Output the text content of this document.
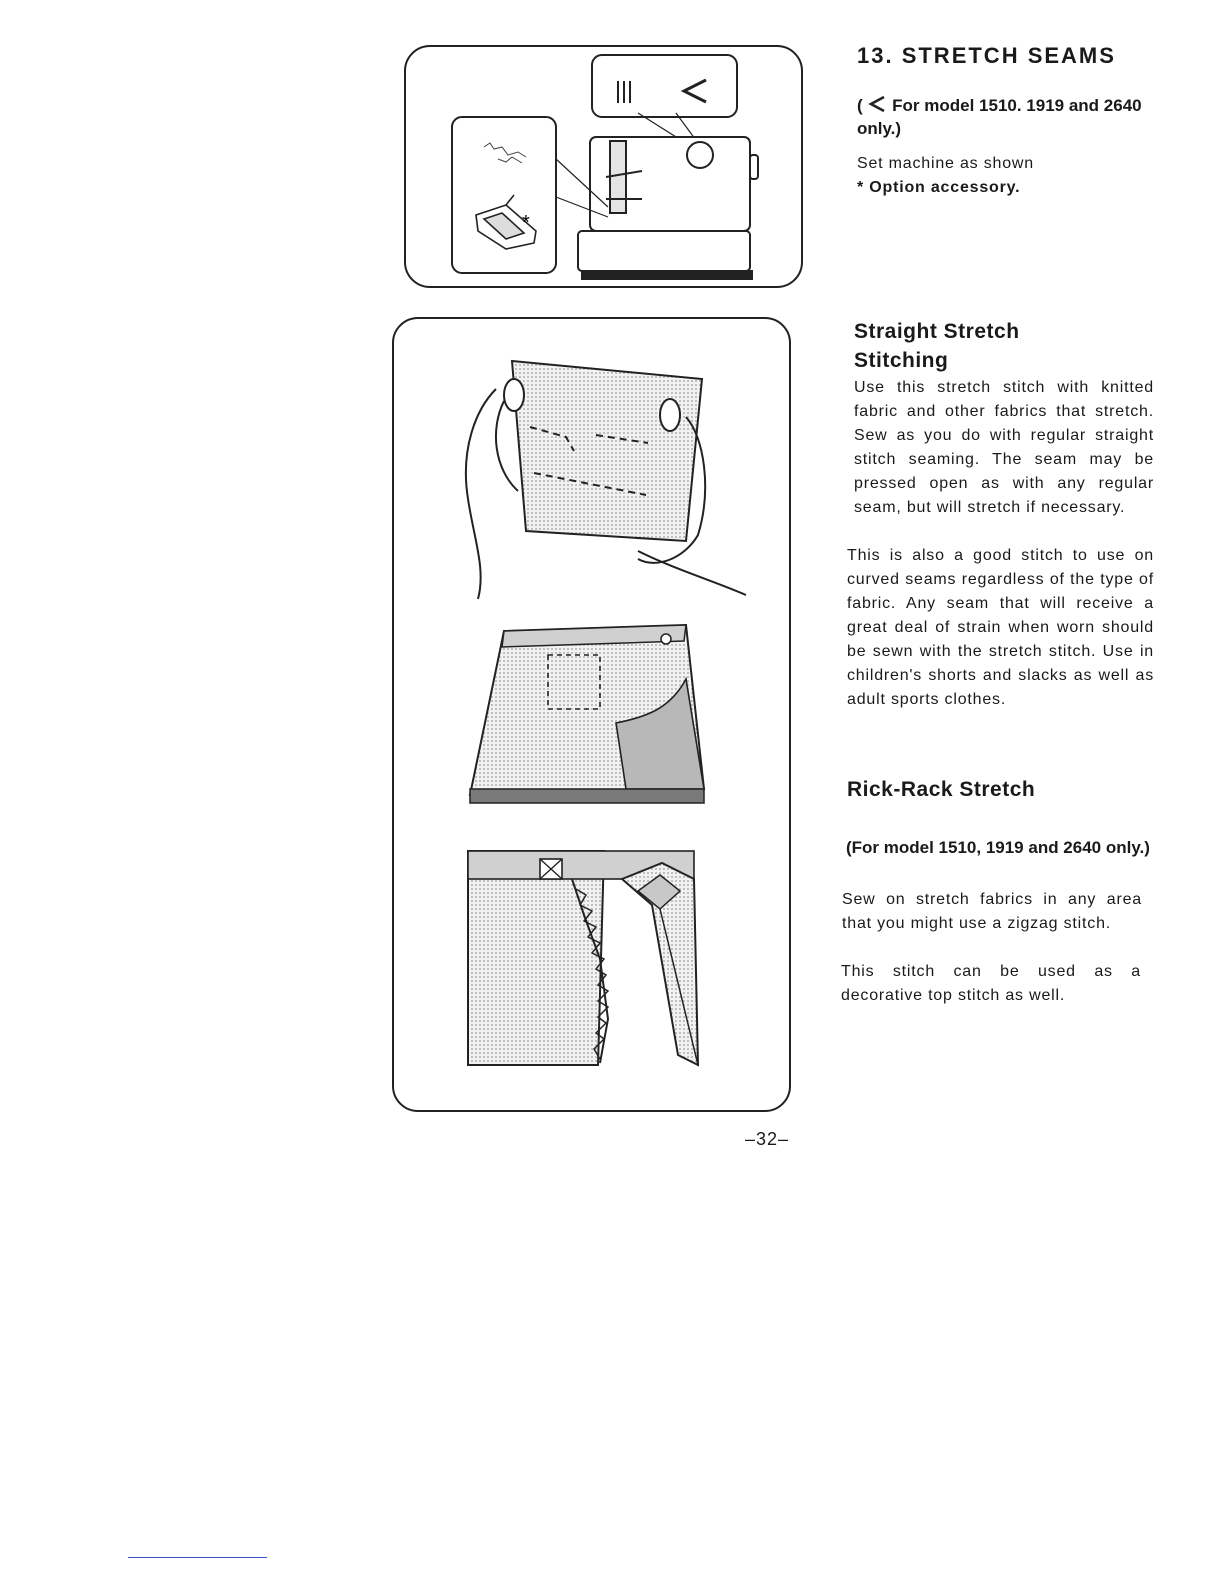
*
13. STRETCH SEAMS

( For model 1510. 1919 and 2640 only.)

Set machine as shown

* Option accessory.

Straight Stretch
Stitching

Use this stretch stitch with knitted fabric and other fabrics that stretch. Sew as you do with regular straight stitch seaming. The seam may be pressed open as with any regular seam, but will stretch if necessary.

This is also a good stitch to use on curved seams regardless of the type of fabric. Any seam that will receive a great deal of strain when worn should be sewn with the stretch stitch. Use in children's shorts and slacks as well as adult sports clothes.

Rick-Rack Stretch

(For model 1510, 1919 and 2640 only.)

Sew on stretch fabrics in any area that you might use a zigzag stitch.

This stitch can be used as a decorative top stitch as well.

–32–
